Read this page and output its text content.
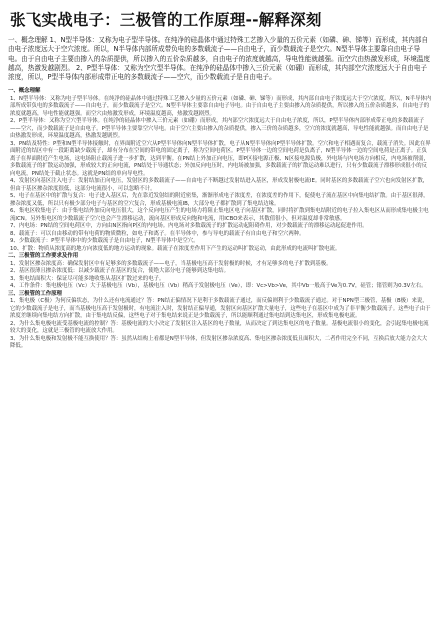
张飞实战电子：三极管的工作原理--解释深刻

一、概念理解 1、N型半导体：又称为电子型半导体。在纯净的硅晶体中通过特殊工艺掺入少量的五价元素（如磷、砷、锑等）而形成，其内部自由电子浓度远大于空穴浓度。所以，N半导体内部所成带负电的多数载流子——自由电子，而少数载流子是空穴。N型半导体主要靠自由电子导电。由于自由电子主要由掺入的杂质提供，所以掺入的五价杂质越多，自由电子的浓度就越高，导电性能就越强。而空穴由热激发形成，环境温度越高，热激发越剧烈。 2、P型半导体：又称为空穴型半导体。在纯净的硅晶体中掺入三价元素（如硼）而形成，其内部空穴浓度远大于自由电子浓度，所以，P型半导体内部形成带正电的多数载流子——空穴，而少数载流子是自由电子。

一、概念理解

1、N型半导体：又称为电子型半导体。在纯净的硅晶体中通过特殊工艺掺入少量的五价元素（如磷、砷、锑等）而形成，其内部自由电子浓度远大于空穴浓度。所以，N半导体内部所成带负电的多数载流子——自由电子，而少数载流子是空穴。N型半导体主要靠自由电子导电。由于自由电子主要由掺入的杂质提供，所以掺入的五价杂质越多，自由电子的浓度就越高，导电性能就越强。而空穴由热激发形成，环境温度越高，热激发越剧烈。

2、P型半导体：又称为空穴型半导体。在纯净的硅晶体中掺入三价元素（如硼）而形成，其内部空穴浓度远大于自由电子浓度，所以，P型半导体内部形成带正电的多数载流子——空穴，而少数载流子是自由电子。P型半导体主要靠空穴导电。由于空穴主要由掺入的杂质提供，掺入三价的杂质越多，空穴的浓度就越高，导电性能就越强。而自由电子是由热激发形成，环境温度越高，热激发越剧烈。

3、PN结及特性：P型和N型半导体接触时，在界面附近空穴从P型半导体向N型半导体扩散，电子从N型半导体向P型半导体扩散。空穴和电子相遇而复合，载流子消失。因此在界面附近的结区中有一段距离缺少载流子，却有分布在空间的带电的固定离子，称为空间电荷区。P型半导体一边的空间电荷是负离子，N型半导体一边的空间电荷是正离子。正负离子在界面附近产生电场，这电场阻止载流子进一步扩散，达到平衡。在PN结上外加正向电压，即P区接电源正极、N区接电源负极，外电场与内电场方向相反，内电场被削弱，多数载流子的扩散运动加强，形成较大的正向电流，PN结处于导通状态；外加反向电压时，内电场被加强，多数载流子的扩散运动难以进行，只有少数载流子漂移形成很小的反向电流，PN结处于截止状态。这就是PN结的单向导电性。

4、发射区向基区注入电子：发射结加正向电压，发射区的多数载流子——自由电子不断越过发射结进入基区，形成发射极电流IE。同时基区的多数载流子空穴也向发射区扩散，但由于基区掺杂浓度很低，这部分电流很小，可以忽略不计。

5、电子在基区中的扩散与复合：电子进入基区后，先在靠近发射结的附近密集，渐渐形成电子浓度差，在浓度差的作用下，促使电子流在基区中向集电结扩散。由于基区很薄，掺杂浓度又低，所以只有极少部分电子与基区的空穴复合，形成基极电流IB，大部分电子都扩散到了集电结边缘。

6、集电区收集电子：由于集电结外加反向电压很大，这个反向电压产生的电场力将阻止集电区电子向基区扩散，同时将扩散到集电结附近的电子拉入集电区从而形成集电极主电流ICN。另外集电区的少数载流子空穴也会产生漂移运动，流向基区形成反向饱和电流，用ICBO来表示，其数值很小，但对温度却非常敏感。

7、内电场：PN结的空间电荷区中，方向由N区指向P区的内电场。内电场对多数载流子的扩散运动起阻碍作用，对少数载流子的漂移运动起促进作用。

8、载流子：可以自由移动的带有电荷的物质微粒，如电子和离子。在半导体中，参与导电的载流子有自由电子和空穴两种。

9、少数载流子：P型半导体中的少数载流子是自由电子，N型半导体中是空穴。

10、扩散：物质从浓度高的地方向浓度低的地方运动的现象。载流子在浓度差作用下产生的运动叫扩散运动，由此形成的电流叫扩散电流。

二、三极管的工作要求及作用

1、发射区掺杂浓度高：确保发射区中有足够多的多数载流子——电子，当基极电压高于发射极的时候，才有足够多的电子扩散到基极。

2、基区很薄且掺杂浓度低：以减少载流子在基区的复合，使绝大部分电子能够到达集电结。

3、集电结面积大：保证尽可能多地收集从基区扩散过来的电子。

4、工作条件：集电极电压（Vc）大于基极电压（Vb），基极电压（Vb）稍高于发射极电压（Ve），即：Vc>Vb>Ve，其中Vb一般高于Ve为0.7V，硅管；锗管则为0.3V左右。

三、三极管的工作原理

1、集电极（C极）为何反偏状态，为什么还有电流通过？答：PN结正偏情况下是利于多数载流子通过，而反偏则利于少数载流子通过。对于NPN型三极管，基极（B极）来说，它的少数载流子是电子，而当基极电压高于发射极时，有电流注入时，发射结正偏导通，发射区向基区扩散大量电子，这些电子在基区中成为了非平衡少数载流子。这些电子由于浓度差继续向集电结方向扩散，由于集电结反偏，这些电子对于集电结来说正是少数载流子，所以能顺利通过集电结到达集电区，形成集电极电流。

2、为什么集电极电流受基极电流的控制？答：基极电流的大小决定了发射区注入基区的电子数量，从而决定了到达集电区的电子数量。基极电流很小的变化，会引起集电极电流较大的变化，这就是三极管的电流放大作用。

3、为什么集电极和发射极不能互换使用？答：虽然从结构上看都是N型半导体，但发射区掺杂浓度高、集电区掺杂浓度低且面积大，二者作用完全不同，互换后放大能力会大大降低。
